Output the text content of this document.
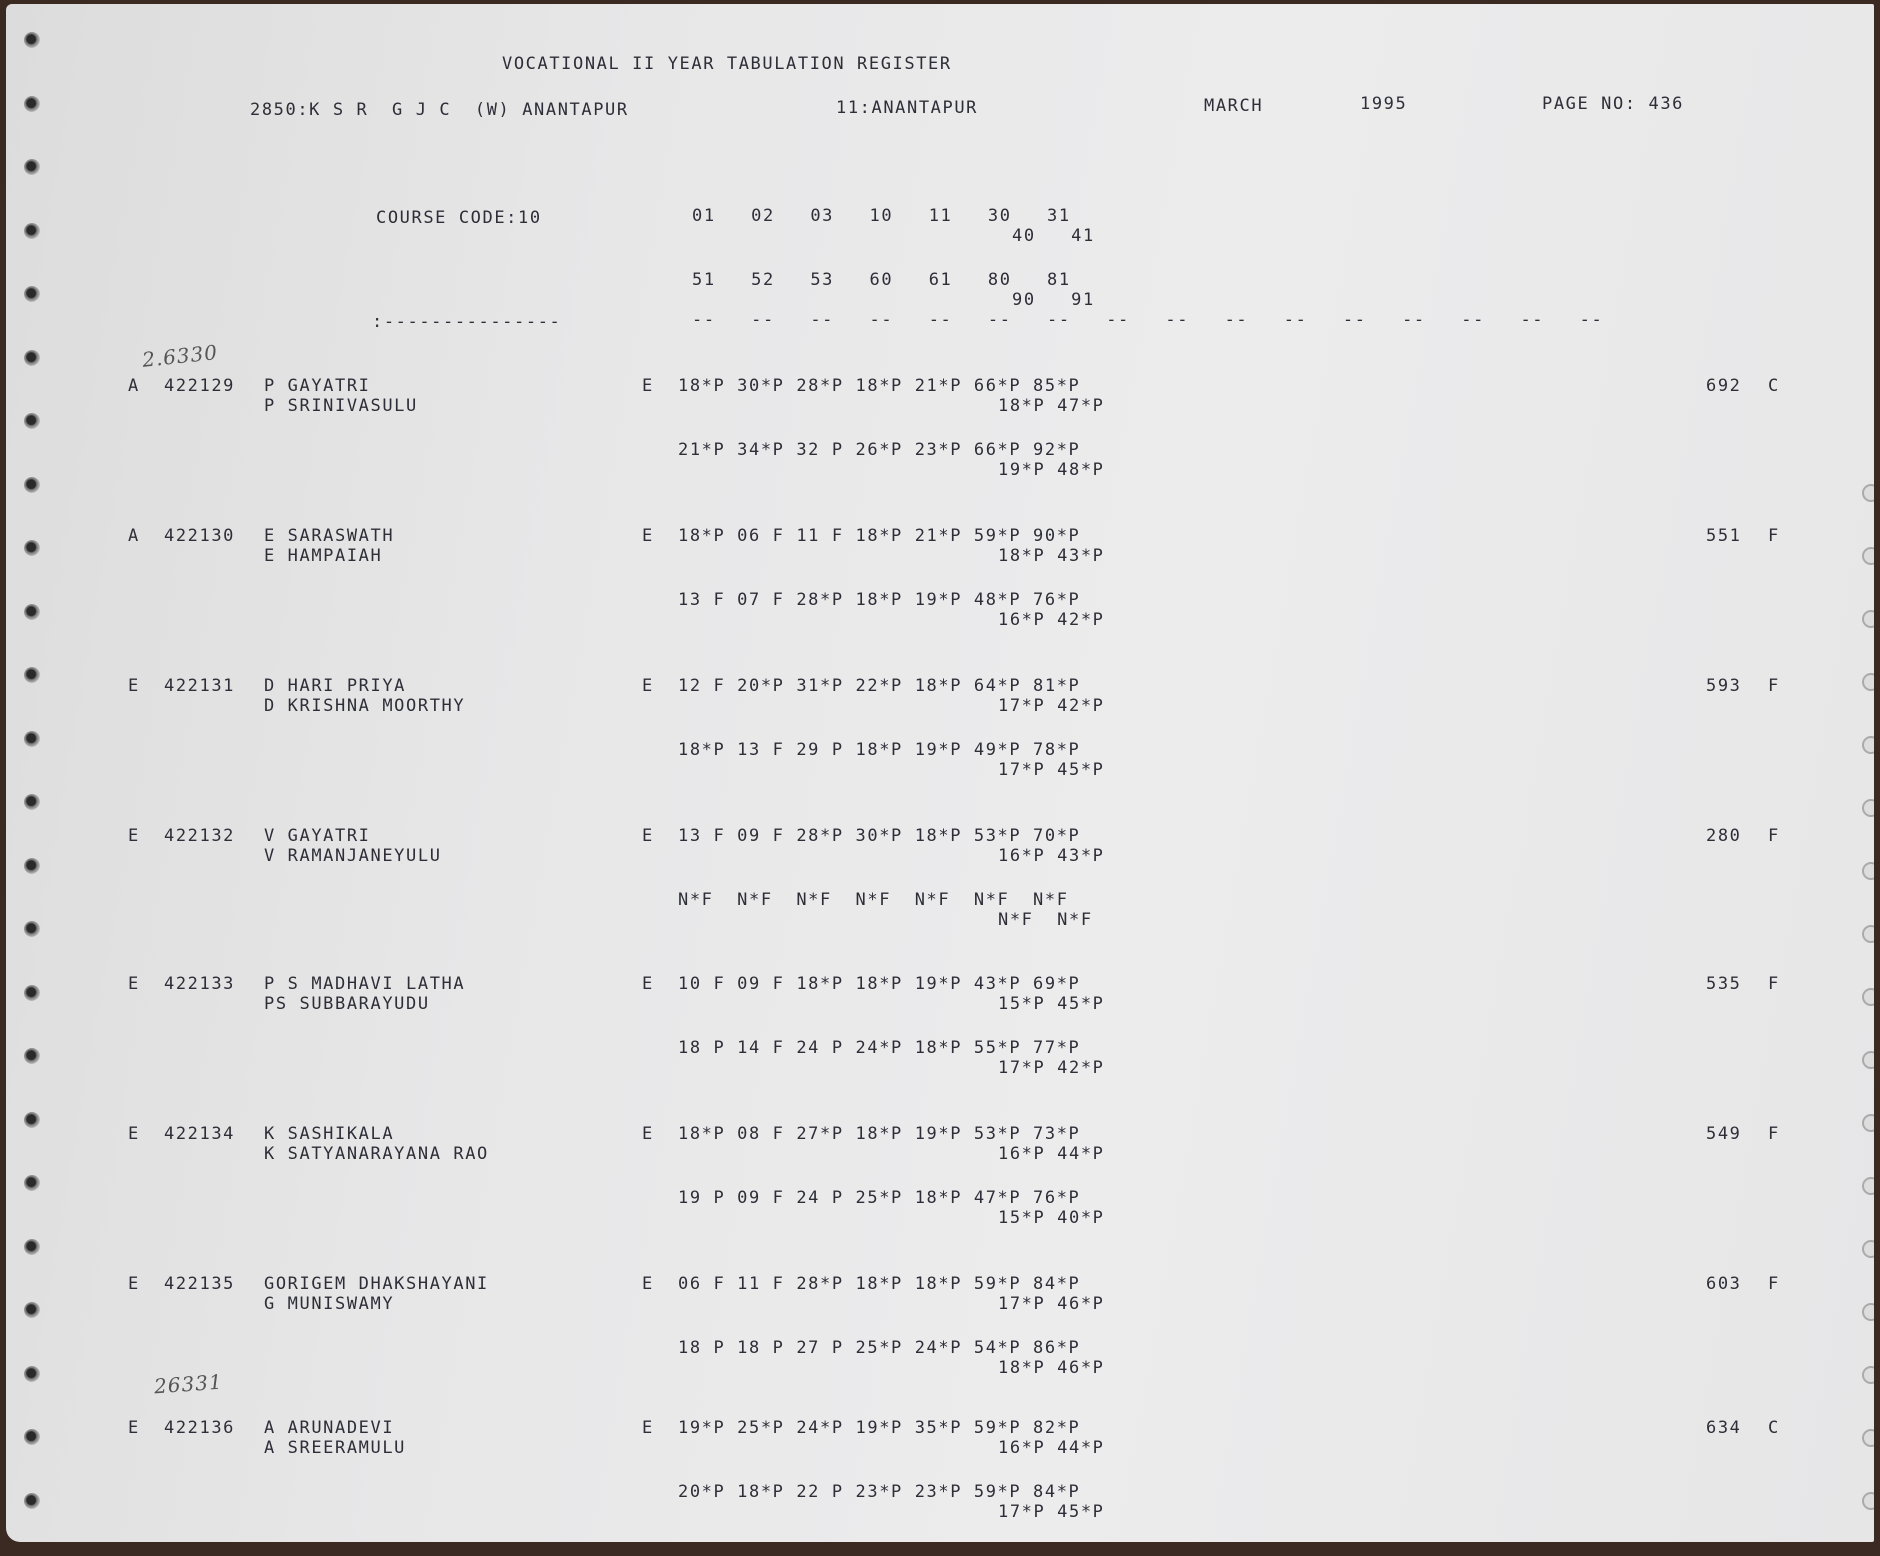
VOCATIONAL II YEAR TABULATION REGISTER
2850:K S R  G J C  (W) ANANTAPUR	11:ANANTAPUR	MARCH	1995	PAGE NO: 436
COURSE CODE:10	01   02   03   10   11   30   31
40   41
51   52   53   60   61   80   81
90   91
:---------------	--   --   --   --   --   --   --   --   --   --   --   --   --   --   --   --
2.6330
26331
A 422129 P GAYATRI
P SRINIVASULU
E 18*P 30*P 28*P 18*P 21*P 66*P 85*P
18*P 47*P
21*P 34*P 32 P 26*P 23*P 66*P 92*P
19*P 48*P
692 C
A 422130 E SARASWATH
E HAMPAIAH
E 18*P 06 F 11 F 18*P 21*P 59*P 90*P
18*P 43*P
13 F 07 F 28*P 18*P 19*P 48*P 76*P
16*P 42*P
551 F
E 422131 D HARI PRIYA
D KRISHNA MOORTHY
E 12 F 20*P 31*P 22*P 18*P 64*P 81*P
17*P 42*P
18*P 13 F 29 P 18*P 19*P 49*P 78*P
17*P 45*P
593 F
E 422132 V GAYATRI
V RAMANJANEYULU
E 13 F 09 F 28*P 30*P 18*P 53*P 70*P
16*P 43*P
N*F  N*F  N*F  N*F  N*F  N*F  N*F
N*F  N*F
280 F
E 422133 P S MADHAVI LATHA
PS SUBBARAYUDU
E 10 F 09 F 18*P 18*P 19*P 43*P 69*P
15*P 45*P
18 P 14 F 24 P 24*P 18*P 55*P 77*P
17*P 42*P
535 F
E 422134 K SASHIKALA
K SATYANARAYANA RAO
E 18*P 08 F 27*P 18*P 19*P 53*P 73*P
16*P 44*P
19 P 09 F 24 P 25*P 18*P 47*P 76*P
15*P 40*P
549 F
E 422135 GORIGEM DHAKSHAYANI
G MUNISWAMY
E 06 F 11 F 28*P 18*P 18*P 59*P 84*P
17*P 46*P
18 P 18 P 27 P 25*P 24*P 54*P 86*P
18*P 46*P
603 F
E 422136 A ARUNADEVI
A SREERAMULU
E 19*P 25*P 24*P 19*P 35*P 59*P 82*P
16*P 44*P
20*P 18*P 22 P 23*P 23*P 59*P 84*P
17*P 45*P
634 C
